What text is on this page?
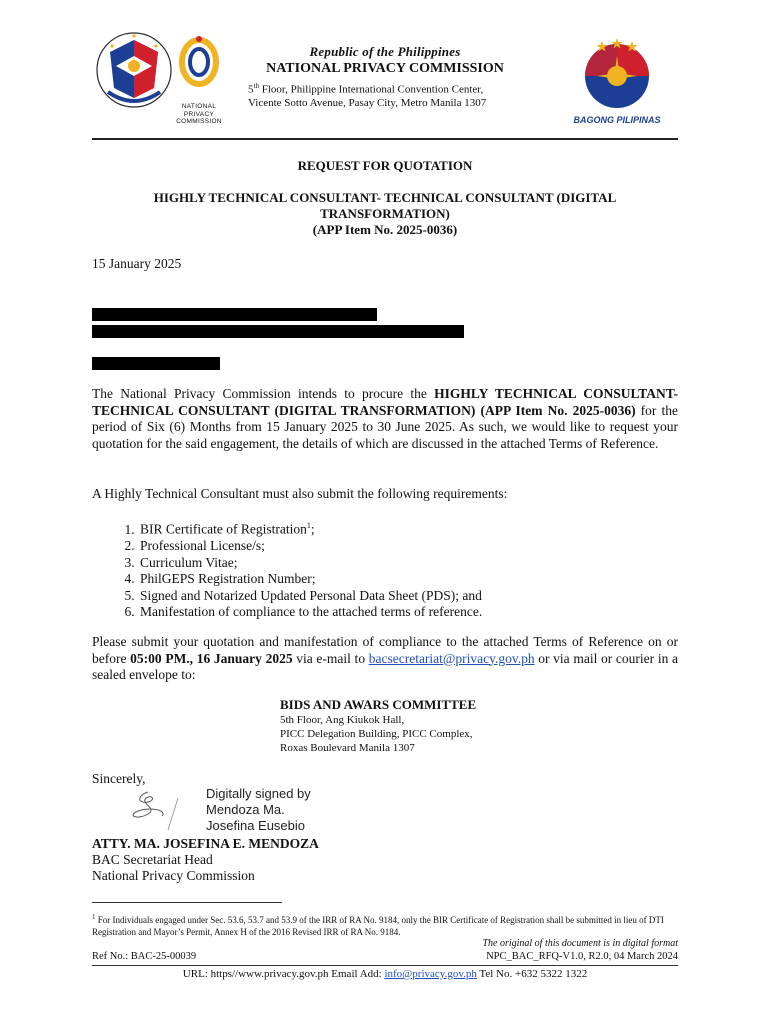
NATIONAL
PRIVACY
COMMISSION	BAGONG PILIPINAS
Republic of the Philippines
NATIONAL PRIVACY COMMISSION
5th Floor, Philippine International Convention Center,
Vicente Sotto Avenue, Pasay City, Metro Manila 1307
REQUEST FOR QUOTATION
HIGHLY TECHNICAL CONSULTANT- TECHNICAL CONSULTANT (DIGITAL
TRANSFORMATION)
(APP Item No. 2025-0036)
15 January 2025
The National Privacy Commission intends to procure the HIGHLY TECHNICAL CONSULTANT- TECHNICAL CONSULTANT (DIGITAL TRANSFORMATION) (APP Item No. 2025-0036) for the period of Six (6) Months from 15 January 2025 to 30 June 2025. As such, we would like to request your quotation for the said engagement, the details of which are discussed in the attached Terms of Reference.
A Highly Technical Consultant must also submit the following requirements:
1. BIR Certificate of Registration$^1$;
2. Professional License/s;
3. Curriculum Vitae;
4. PhilGEPS Registration Number;
5. Signed and Notarized Updated Personal Data Sheet (PDS); and
6. Manifestation of compliance to the attached terms of reference.
Please submit your quotation and manifestation of compliance to the attached Terms of Reference on or before 05:00 PM., 16 January 2025 via e-mail to bacsecretariat@privacy.gov.ph or via mail or courier in a sealed envelope to:
BIDS AND AWARS COMMITTEE
5th Floor, Ang Kiukok Hall,
PICC Delegation Building, PICC Complex,
Roxas Boulevard Manila 1307
Sincerely,
Digitally signed by
Mendoza Ma.
Josefina Eusebio
ATTY. MA. JOSEFINA E. MENDOZA
BAC Secretariat Head
National Privacy Commission
$^1$ For Individuals engaged under Sec. 53.6, 53.7 and 53.9 of the IRR of RA No. 9184, only the BIR Certificate of Registration shall be submitted in lieu of DTI Registration and Mayor’s Permit, Annex H of the 2016 Revised IRR of RA No. 9184.
The original of this document is in digital format
Ref No.: BAC-25-00039	NPC_BAC_RFQ-V1.0, R2.0, 04 March 2024
URL: https//www.privacy.gov.ph Email Add: info@privacy.gov.ph Tel No. +632 5322 1322
